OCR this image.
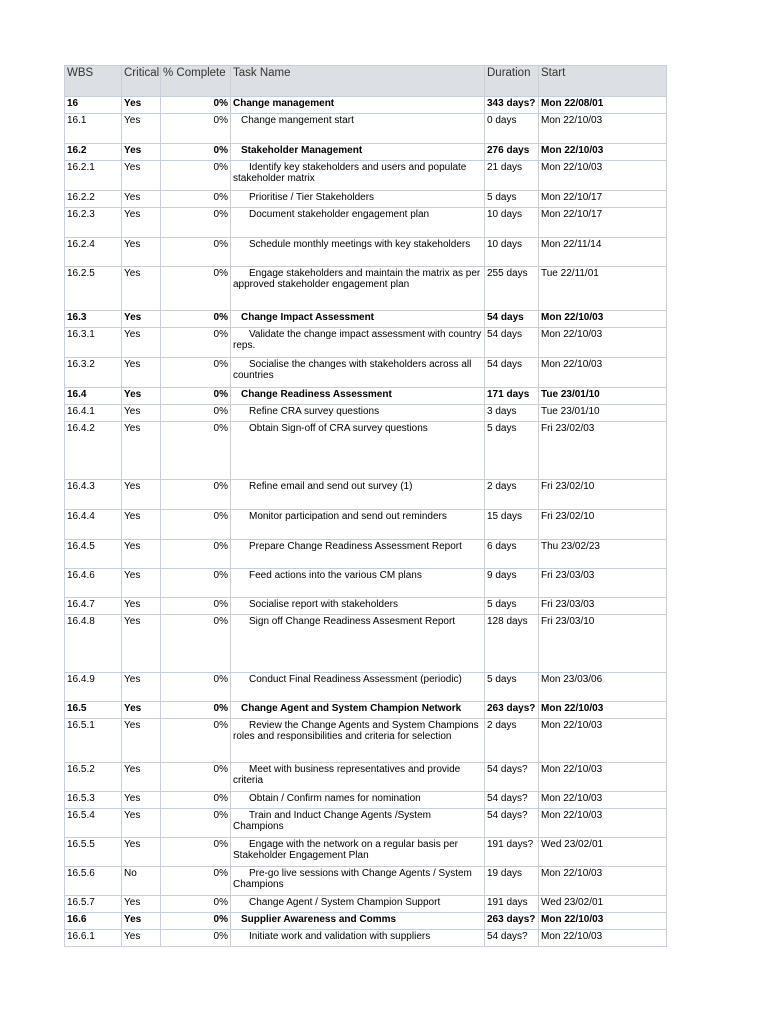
WBS	Critical	% Complete	Task Name	Duration	Start
16	Yes	0%	Change management	343 days?	Mon 22/08/01
16.1	Yes	0%	Change mangement start	0 days	Mon 22/10/03
16.2	Yes	0%	Stakeholder Management	276 days	Mon 22/10/03
16.2.1	Yes	0%	Identify key stakeholders and users and populate stakeholder matrix	21 days	Mon 22/10/03
16.2.2	Yes	0%	Prioritise / Tier Stakeholders	5 days	Mon 22/10/17
16.2.3	Yes	0%	Document stakeholder engagement plan	10 days	Mon 22/10/17
16.2.4	Yes	0%	Schedule monthly meetings with key stakeholders	10 days	Mon 22/11/14
16.2.5	Yes	0%	Engage stakeholders and maintain the matrix as per approved stakeholder engagement plan	255 days	Tue 22/11/01
16.3	Yes	0%	Change Impact Assessment	54 days	Mon 22/10/03
16.3.1	Yes	0%	Validate the change impact assessment with country reps.	54 days	Mon 22/10/03
16.3.2	Yes	0%	Socialise the changes with stakeholders across all countries	54 days	Mon 22/10/03
16.4	Yes	0%	Change Readiness Assessment	171 days	Tue 23/01/10
16.4.1	Yes	0%	Refine CRA survey questions	3 days	Tue 23/01/10
16.4.2	Yes	0%	Obtain Sign-off of CRA survey questions	5 days	Fri 23/02/03
16.4.3	Yes	0%	Refine email and send out survey (1)	2 days	Fri 23/02/10
16.4.4	Yes	0%	Monitor participation and send out reminders	15 days	Fri 23/02/10
16.4.5	Yes	0%	Prepare Change Readiness Assessment Report	6 days	Thu 23/02/23
16.4.6	Yes	0%	Feed actions into the various CM plans	9 days	Fri 23/03/03
16.4.7	Yes	0%	Socialise report with stakeholders	5 days	Fri 23/03/03
16.4.8	Yes	0%	Sign off Change Readiness Assesment Report	128 days	Fri 23/03/10
16.4.9	Yes	0%	Conduct Final Readiness Assessment (periodic)	5 days	Mon 23/03/06
16.5	Yes	0%	Change Agent and System Champion Network	263 days?	Mon 22/10/03
16.5.1	Yes	0%	Review the Change Agents and System Champions roles and responsibilities and criteria for selection	2 days	Mon 22/10/03
16.5.2	Yes	0%	Meet with business representatives and provide criteria	54 days?	Mon 22/10/03
16.5.3	Yes	0%	Obtain / Confirm names for nomination	54 days?	Mon 22/10/03
16.5.4	Yes	0%	Train and Induct Change Agents /System Champions	54 days?	Mon 22/10/03
16.5.5	Yes	0%	Engage with the network on a regular basis per Stakeholder Engagement Plan	191 days?	Wed 23/02/01
16.5.6	No	0%	Pre-go live sessions with Change Agents / System Champions	19 days	Mon 22/10/03
16.5.7	Yes	0%	Change Agent / System Champion Support	191 days	Wed 23/02/01
16.6	Yes	0%	Supplier Awareness and Comms	263 days?	Mon 22/10/03
16.6.1	Yes	0%	Initiate work and validation with suppliers	54 days?	Mon 22/10/03
